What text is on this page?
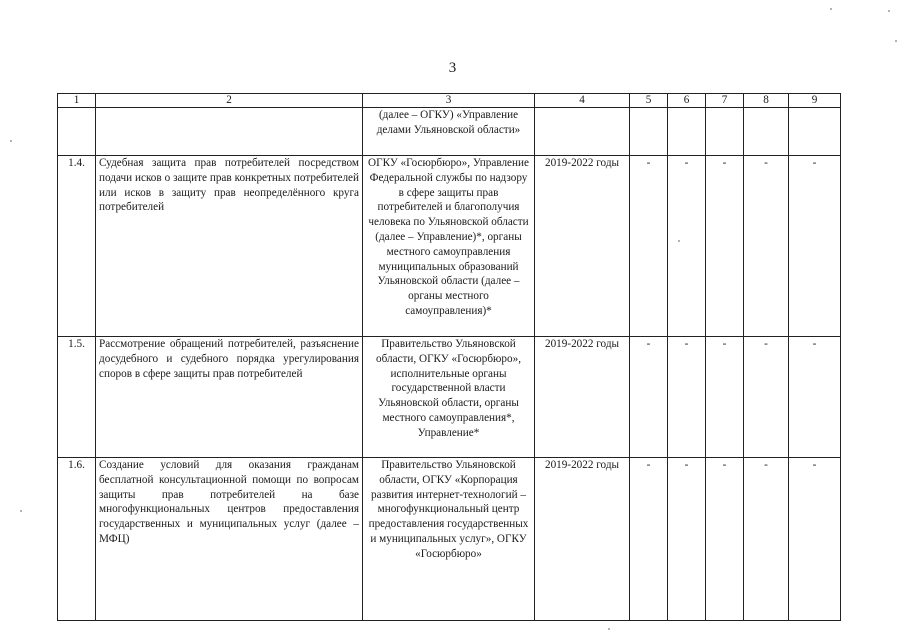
3
1	2	3	4	5	6	7	8	9
		(далее – ОГКУ) «Управление делами Ульяновской области»						
1.4.	Судебная защита прав потребителей посредством подачи исков о защите прав конкретных потребителей или исков в защиту прав неопределённого круга потребителей	ОГКУ «Госюрбюро», Управление Федеральной службы по надзору в сфере защиты прав потребителей и благополучия человека по Ульяновской области (далее – Управление)*, органы местного самоуправления муниципальных образований Ульяновской области (далее – органы местного самоуправления)*	2019-2022 годы	-	-	-	-	-
1.5.	Рассмотрение обращений потребителей, разъяснение досудебного и судебного порядка урегулирования споров в сфере защиты прав потребителей	Правительство Ульяновской области, ОГКУ «Госюрбюро», исполнительные органы государственной власти Ульяновской области, органы местного самоуправления*, Управление*	2019-2022 годы	-	-	-	-	-
1.6.	Создание условий для оказания гражданам бесплатной консультационной помощи по вопросам защиты прав потребителей на базе многофункциональных центров предоставления государственных и муниципальных услуг (далее – МФЦ)	Правительство Ульяновской области, ОГКУ «Корпорация развития интернет-технологий – многофункциональный центр предоставления государственных и муниципальных услуг», ОГКУ «Госюрбюро»	2019-2022 годы	-	-	-	-	-
